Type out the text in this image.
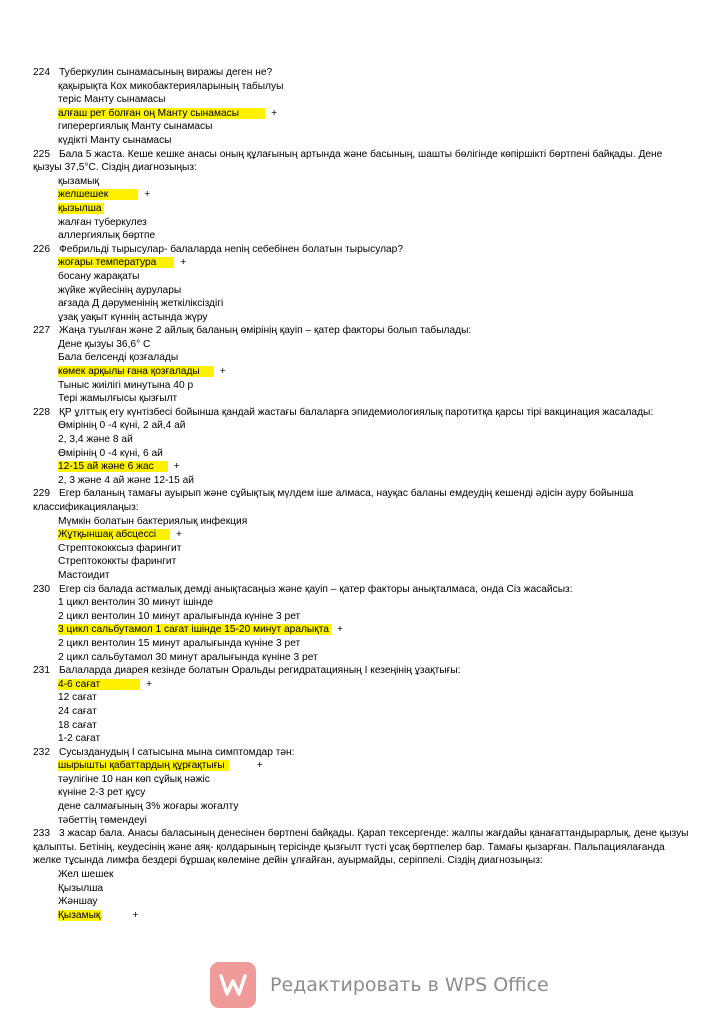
224 Туберкулин сынамасының виражы деген не?
қақырықта Кох микобактерияларының табылуы
теріс Манту сынамасы
алғаш рет болған оң Манту сынамасы	+
гиперергиялық Манту сынамасы
күдікті Манту сынамасы
225 Бала 5 жаста. Кеше кешке анасы оның құлағының артында және басының, шашты бөлігінде көпіршікті бөртпені байқады. Дене қызуы 37,5°С. Сіздің диагнозыңыз:
қызамық
желшешек	+
қызылша
жалған туберкулез
аллергиялық бөртпе
226 Фебрильді тырысулар- балаларда нenің себебінен болатын тырысулар?
жоғары температура +
босану жарақаты
жүйке жүйесінің аурулары
ағзада Д дәруменінің жеткіліксіздігі
ұзақ уақыт күннің астында жүру
227 Жаңа туылған және 2 айлық баланың өмірінің қауіп – қатер факторы болып табылады:
Дене қызуы 36,6° С
Бала белсенді қозғалады
көмек арқылы ғана қозғалады +
Тыныс жиілігі минутына 40 р
Тері жамылғысы қызғылт
228 ҚР ұлттық егу күнтізбесі бойынша қандай жастағы балаларға эпидемиологиялық паротитқа қарсы тірі вакцинация жасалады:
Өмірінің 0 -4 күні, 2 ай,4 ай
2, 3,4 және 8 ай
Өмірінің 0 -4 күні, 6 ай
12-15 ай және 6 жас +
2, 3 және 4 ай және 12-15 ай
229 Егер баланың тамағы ауырып және сұйықтық мүлдем іше алмаса, науқас баланы емдеудің кешенді әдісін ауру бойынша классификациялаңыз:
Мүмкін болатын бактериялық инфекция
Жұтқыншақ абсцессі +
Стрептококксыз фарингит
Стрептококкты фарингит
Мастоидит
230 Егер сіз балада астмалық демді анықтасаңыз және қауіп – қатер факторы анықталмаса, онда Сіз жасайсыз:
1 цикл вентолин 30 минут ішінде
2 цикл вентолин 10 минут аралығында күніне 3 рет
3 цикл сальбутамол 1 сағат ішінде 15-20 минут аралықта +
2 цикл вентолин 15 минут аралығында күніне 3 рет
2 цикл сальбутамол 30 минут аралығында күніне 3 рет
231 Балаларда диарея кезінде болатын Оральды регидратацияның I кезеңінің ұзақтығы:
4-6 сағат	+
12 сағат
24 сағат
18 сағат
1-2 сағат
232 Сусызданудың I сатысына мына симптомдар тән:
шырышты қабаттардың құрғақтығы	+
тәулігіне 10 нан көп сұйық нәжіс
күніне 2-3 рет құсу
дене салмағының 3% жоғары жоғалту
тәбеттің төмендеуі
233 3 жасар бала. Анасы баласының денесінен бөртпені байқады. Қарап тексергенде: жалпы жағдайы қанағаттандырарлық, дене қызуы қалыпты. Бетінің, кеудесінің және аяқ- қолдарының терісінде қызғылт түсті ұсақ бөртпелер бар. Тамағы қызарған. Пальпациялағанда желке тұсында лимфа бездері бұршақ көлеміне дейін ұлғайған, ауырмайды, серіппелі. Сіздің диагнозыңыз:
Жел шешек
Қызылша
Жәншау
Қызамық	+
Редактировать в WPS Office
